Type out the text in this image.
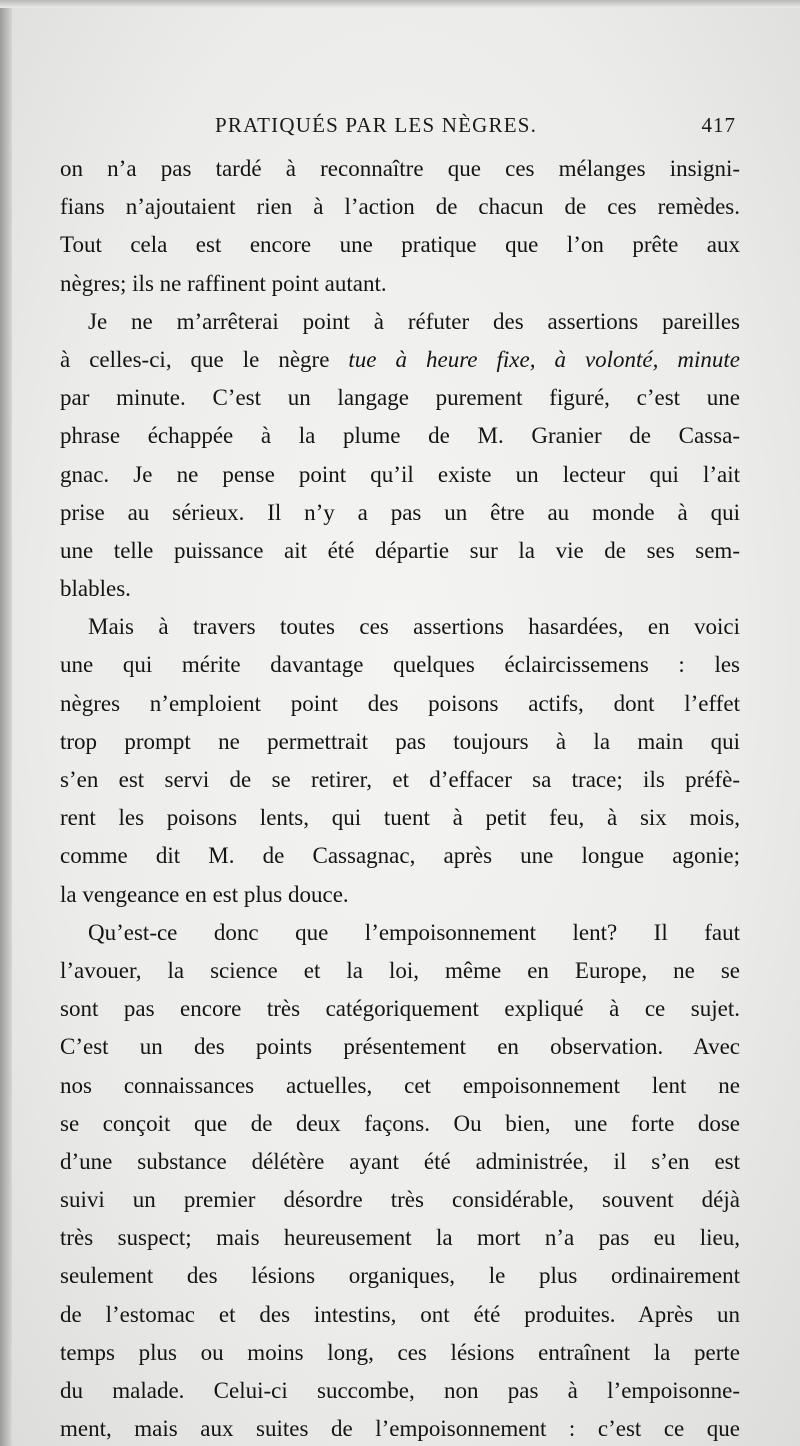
PRATIQUÉS PAR LES NÈGRES.	417
on n’a pas tardé à reconnaître que ces mélanges insigni-
fians n’ajoutaient rien à l’action de chacun de ces remèdes.
Tout cela est encore une pratique que l’on prête aux
nègres; ils ne raffinent point autant.
Je ne m’arrêterai point à réfuter des assertions pareilles
à celles-ci, que le nègre tue à heure fixe, à volonté, minute
par minute. C’est un langage purement figuré, c’est une
phrase échappée à la plume de M. Granier de Cassa-
gnac. Je ne pense point qu’il existe un lecteur qui l’ait
prise au sérieux. Il n’y a pas un être au monde à qui
une telle puissance ait été départie sur la vie de ses sem-
blables.
Mais à travers toutes ces assertions hasardées, en voici
une qui mérite davantage quelques éclaircissemens : les
nègres n’emploient point des poisons actifs, dont l’effet
trop prompt ne permettrait pas toujours à la main qui
s’en est servi de se retirer, et d’effacer sa trace; ils préfè-
rent les poisons lents, qui tuent à petit feu, à six mois,
comme dit M. de Cassagnac, après une longue agonie;
la vengeance en est plus douce.
Qu’est-ce donc que l’empoisonnement lent? Il faut
l’avouer, la science et la loi, même en Europe, ne se
sont pas encore très catégoriquement expliqué à ce sujet.
C’est un des points présentement en observation. Avec
nos connaissances actuelles, cet empoisonnement lent ne
se conçoit que de deux façons. Ou bien, une forte dose
d’une substance délétère ayant été administrée, il s’en est
suivi un premier désordre très considérable, souvent déjà
très suspect; mais heureusement la mort n’a pas eu lieu,
seulement des lésions organiques, le plus ordinairement
de l’estomac et des intestins, ont été produites. Après un
temps plus ou moins long, ces lésions entraînent la perte
du malade. Celui-ci succombe, non pas à l’empoisonne-
ment, mais aux suites de l’empoisonnement : c’est ce que
